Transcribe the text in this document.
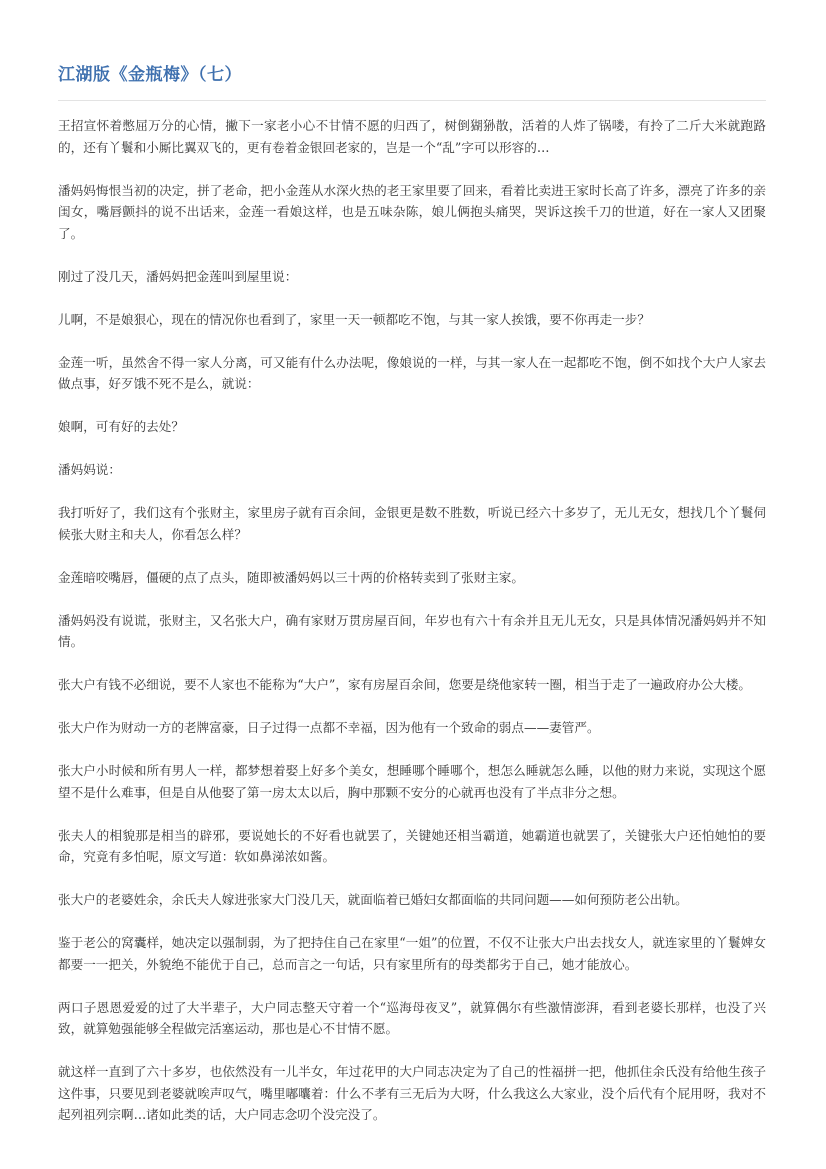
江湖版《金瓶梅》（七）

王招宣怀着憋屈万分的心情，撇下一家老小心不甘情不愿的归西了，树倒猢狲散，活着的人炸了锅喽，有拎了二斤大米就跑路的，还有丫鬟和小厮比翼双飞的，更有卷着金银回老家的，岂是一个“乱”字可以形容的…

潘妈妈悔恨当初的决定，拼了老命，把小金莲从水深火热的老王家里要了回来，看着比卖进王家时长高了许多，漂亮了许多的亲闺女，嘴唇颤抖的说不出话来，金莲一看娘这样，也是五味杂陈，娘儿俩抱头痛哭，哭诉这挨千刀的世道，好在一家人又团聚了。

刚过了没几天，潘妈妈把金莲叫到屋里说：

儿啊，不是娘狠心，现在的情况你也看到了，家里一天一顿都吃不饱，与其一家人挨饿，要不你再走一步？

金莲一听，虽然舍不得一家人分离，可又能有什么办法呢，像娘说的一样，与其一家人在一起都吃不饱，倒不如找个大户人家去做点事，好歹饿不死不是么，就说：

娘啊，可有好的去处？

潘妈妈说：

我打听好了，我们这有个张财主，家里房子就有百余间，金银更是数不胜数，听说已经六十多岁了，无儿无女，想找几个丫鬟伺候张大财主和夫人，你看怎么样？

金莲暗咬嘴唇，僵硬的点了点头，随即被潘妈妈以三十两的价格转卖到了张财主家。

潘妈妈没有说谎，张财主，又名张大户，确有家财万贯房屋百间，年岁也有六十有余并且无儿无女，只是具体情况潘妈妈并不知情。

张大户有钱不必细说，要不人家也不能称为“大户”，家有房屋百余间，您要是绕他家转一圈，相当于走了一遍政府办公大楼。

张大户作为财动一方的老牌富豪，日子过得一点都不幸福，因为他有一个致命的弱点——妻管严。

张大户小时候和所有男人一样，都梦想着娶上好多个美女，想睡哪个睡哪个，想怎么睡就怎么睡，以他的财力来说，实现这个愿望不是什么难事，但是自从他娶了第一房太太以后，胸中那颗不安分的心就再也没有了半点非分之想。

张夫人的相貌那是相当的辟邪，要说她长的不好看也就罢了，关键她还相当霸道，她霸道也就罢了，关键张大户还怕她怕的要命，究竟有多怕呢，原文写道：软如鼻涕浓如酱。

张大户的老婆姓余，余氏夫人嫁进张家大门没几天，就面临着已婚妇女都面临的共同问题——如何预防老公出轨。

鉴于老公的窝囊样，她决定以强制弱，为了把持住自己在家里“一姐”的位置，不仅不让张大户出去找女人，就连家里的丫鬟婢女都要一一把关，外貌绝不能优于自己，总而言之一句话，只有家里所有的母类都劣于自己，她才能放心。

两口子恩恩爱爱的过了大半辈子，大户同志整天守着一个“巡海母夜叉”，就算偶尔有些激情澎湃，看到老婆长那样，也没了兴致，就算勉强能够全程做完活塞运动，那也是心不甘情不愿。

就这样一直到了六十多岁，也依然没有一儿半女，年过花甲的大户同志决定为了自己的性福拼一把，他抓住余氏没有给他生孩子这件事，只要见到老婆就唉声叹气，嘴里嘟囔着：什么不孝有三无后为大呀，什么我这么大家业，没个后代有个屁用呀，我对不起列祖列宗啊…诸如此类的话，大户同志念叨个没完没了。
